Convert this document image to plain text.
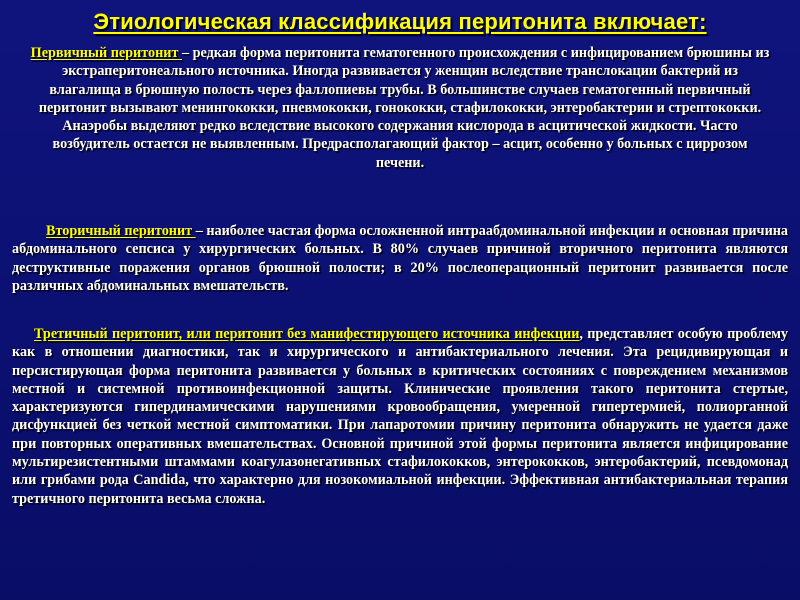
Этиологическая классификация перитонита включает:

Первичный перитонит – редкая форма перитонита гематогенного происхождения с инфицированием брюшины из экстраперитонеального источника. Иногда развивается у женщин вследствие транслокации бактерий из влагалища в брюшную полость через фаллопиевы трубы. В большинстве случаев гематогенный первичный перитонит вызывают менингококки, пневмококки, гонококки, стафилококки, энтеробактерии и стрептококки. Анаэробы выделяют редко вследствие высокого содержания кислорода в асцитической жидкости. Часто возбудитель остается не выявленным. Предрасполагающий фактор – асцит, особенно у больных с циррозом печени.

Вторичный перитонит – наиболее частая форма осложненной интраабдоминальной инфекции и основная причина абдоминального сепсиса у хирургических больных. В 80% случаев причиной вторичного перитонита являются деструктивные поражения органов брюшной полости; в 20% послеоперационный перитонит развивается после различных абдоминальных вмешательств.

Третичный перитонит, или перитонит без манифестирующего источника инфекции, представляет особую проблему как в отношении диагностики, так и хирургического и антибактериального лечения. Эта рецидивирующая и персистирующая форма перитонита развивается у больных в критических состояниях с повреждением механизмов местной и системной противоинфекционной защиты. Клинические проявления такого перитонита стертые, характеризуются гипердинамическими нарушениями кровообращения, умеренной гипертермией, полиорганной дисфункцией без четкой местной симптоматики. При лапаротомии причину перитонита обнаружить не удается даже при повторных оперативных вмешательствах. Основной причиной этой формы перитонита является инфицирование мультирезистентными штаммами коагулазонегативных стафилококков, энтерококков, энтеробактерий, псевдомонад или грибами рода Candida, что характерно для нозокомиальной инфекции. Эффективная антибактериальная терапия третичного перитонита весьма сложна.
